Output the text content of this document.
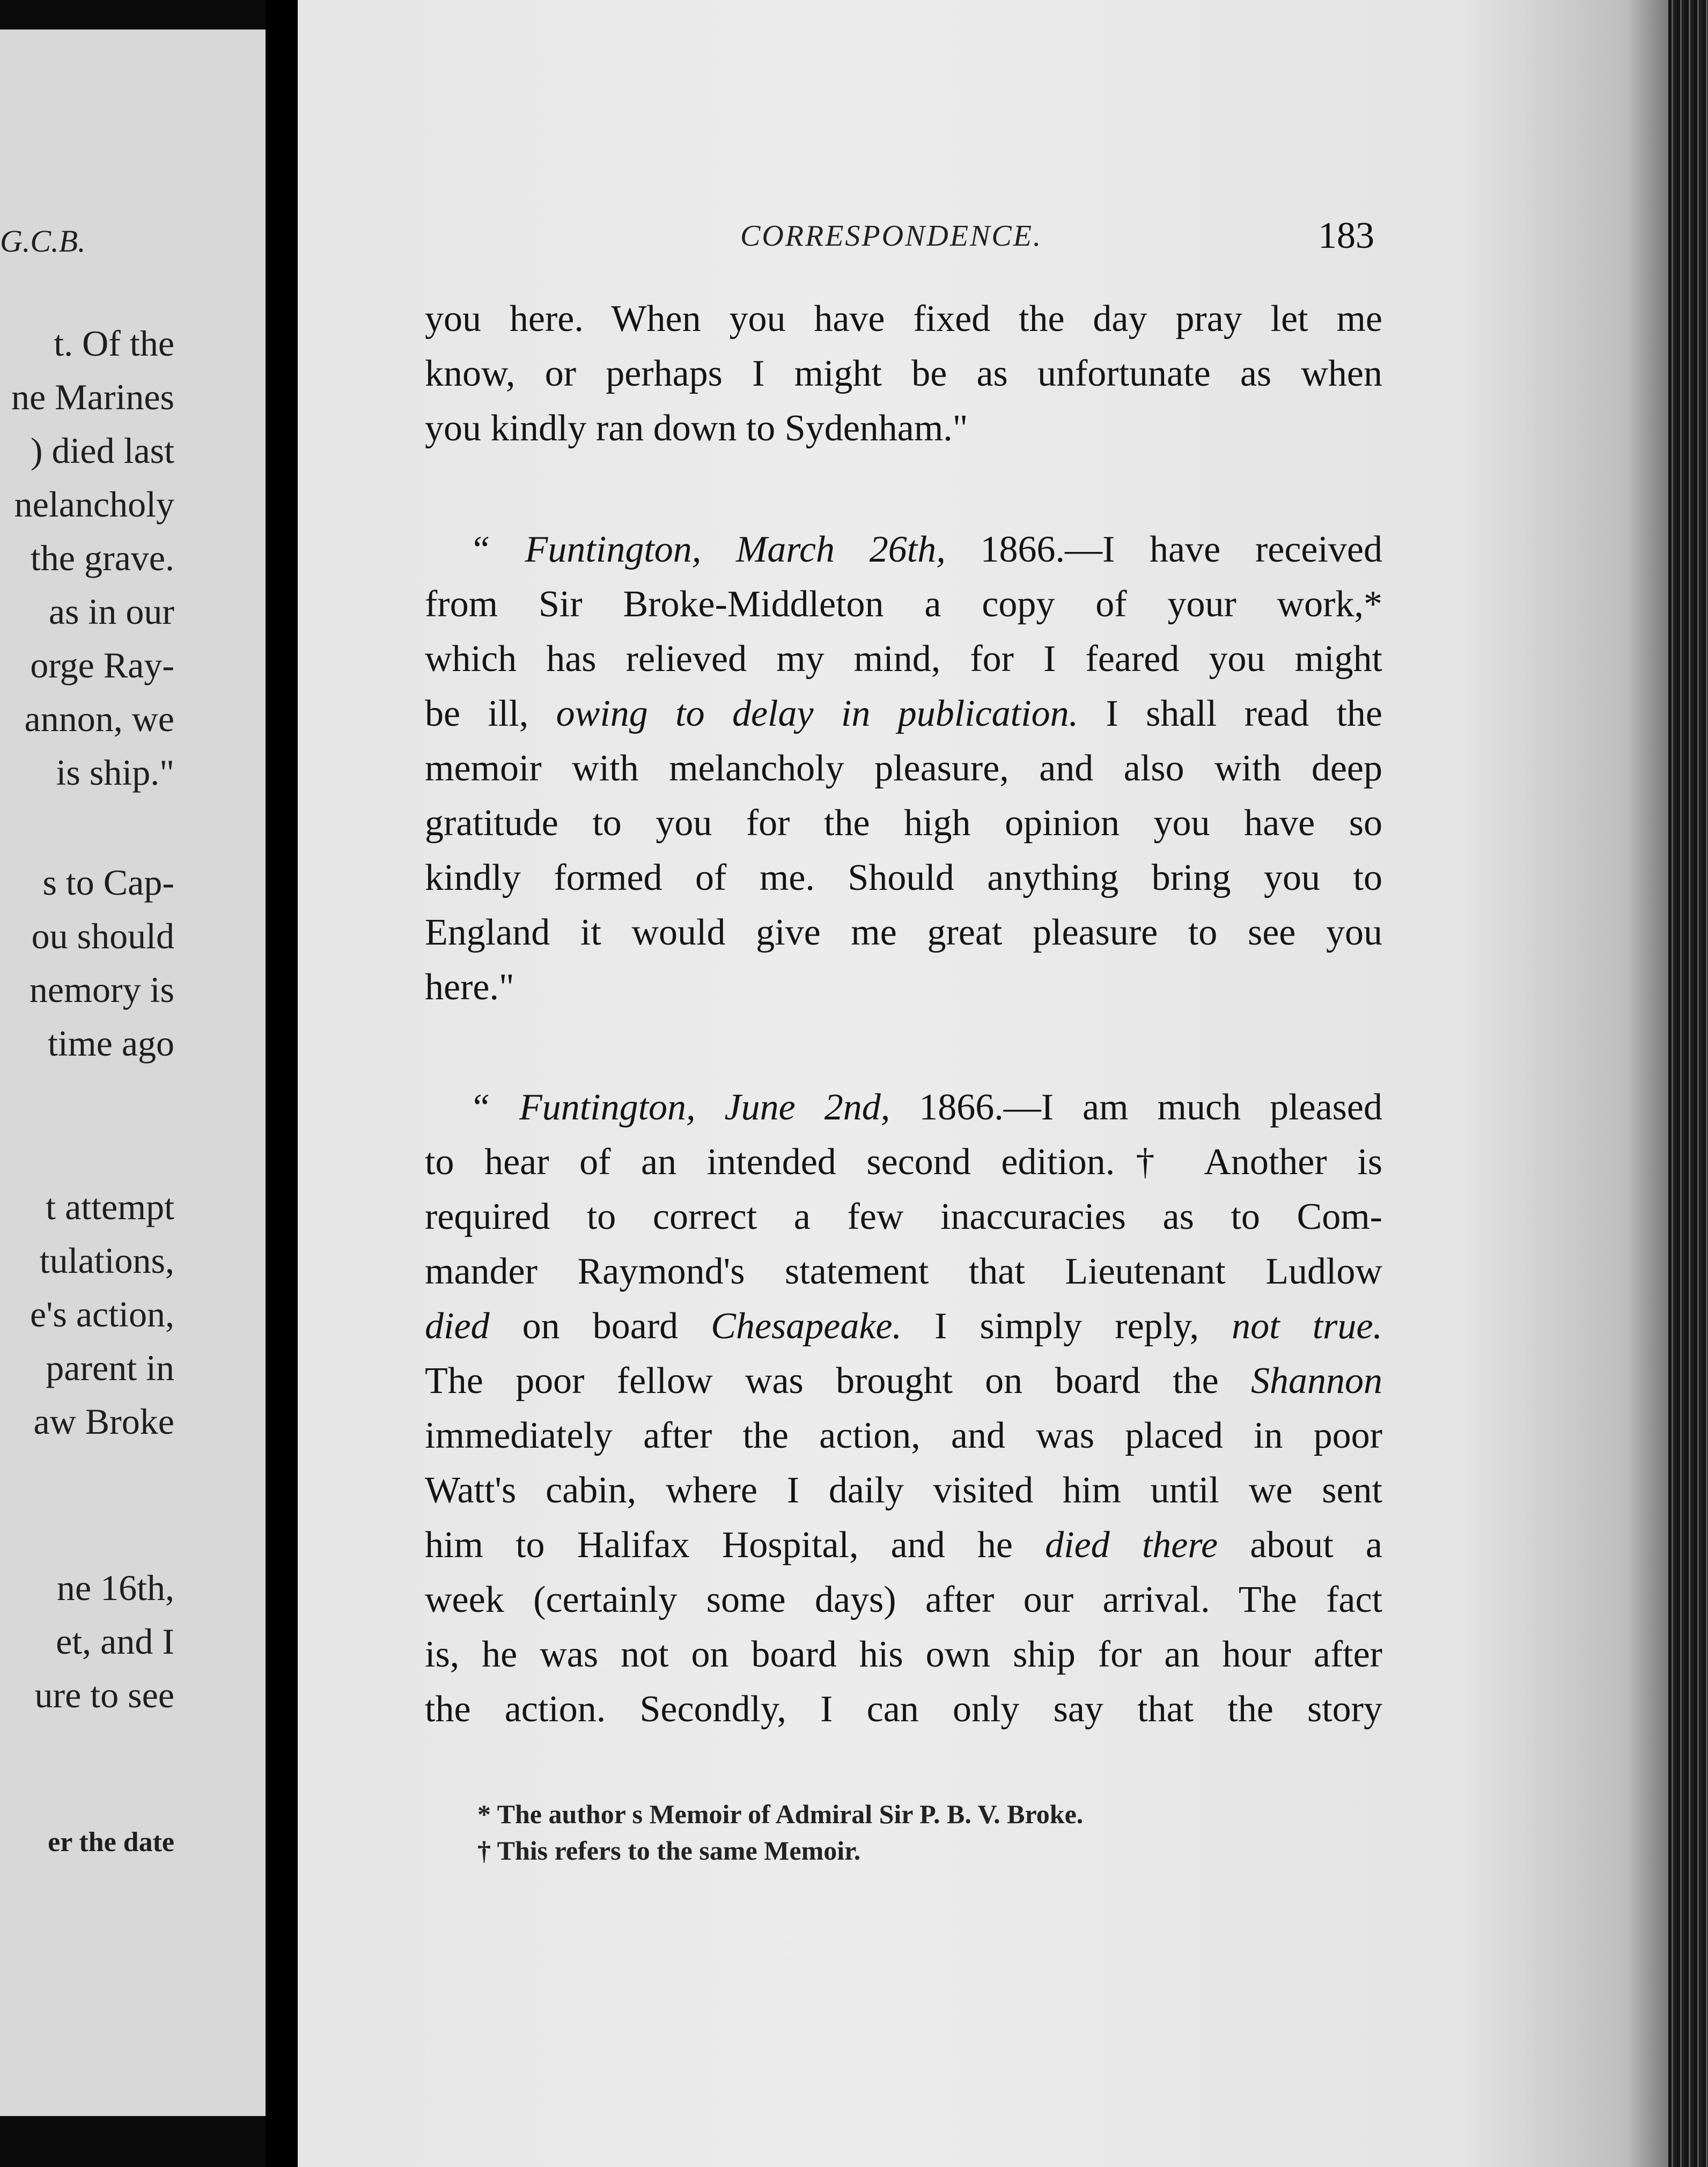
G.C.B.
t. Of the
ne Marines
) died last
nelancholy
the grave.
as in our
orge Ray-
annon, we
is ship."
s to Cap-
ou should
nemory is
time ago
t attempt
tulations,
e's action,
parent in
aw Broke
ne 16th,
et, and I
ure to see
er the date
CORRESPONDENCE.	183
you here. When you have fixed the day pray let me
know, or perhaps I might be as unfortunate as when
you kindly ran down to Sydenham."
“ Funtington, March 26th, 1866.—I have received
from Sir Broke-Middleton a copy of your work,*
which has relieved my mind, for I feared you might
be ill, owing to delay in publication. I shall read the
memoir with melancholy pleasure, and also with deep
gratitude to you for the high opinion you have so
kindly formed of me. Should anything bring you to
England it would give me great pleasure to see you
here."
“ Funtington, June 2nd, 1866.—I am much pleased
to hear of an intended second edition.† Another is
required to correct a few inaccuracies as to Com-
mander Raymond's statement that Lieutenant Ludlow
died on board Chesapeake. I simply reply, not true.
The poor fellow was brought on board the Shannon
immediately after the action, and was placed in poor
Watt's cabin, where I daily visited him until we sent
him to Halifax Hospital, and he died there about a
week (certainly some days) after our arrival. The fact
is, he was not on board his own ship for an hour after
the action. Secondly, I can only say that the story
* The author s Memoir of Admiral Sir P. B. V. Broke.
† This refers to the same Memoir.
